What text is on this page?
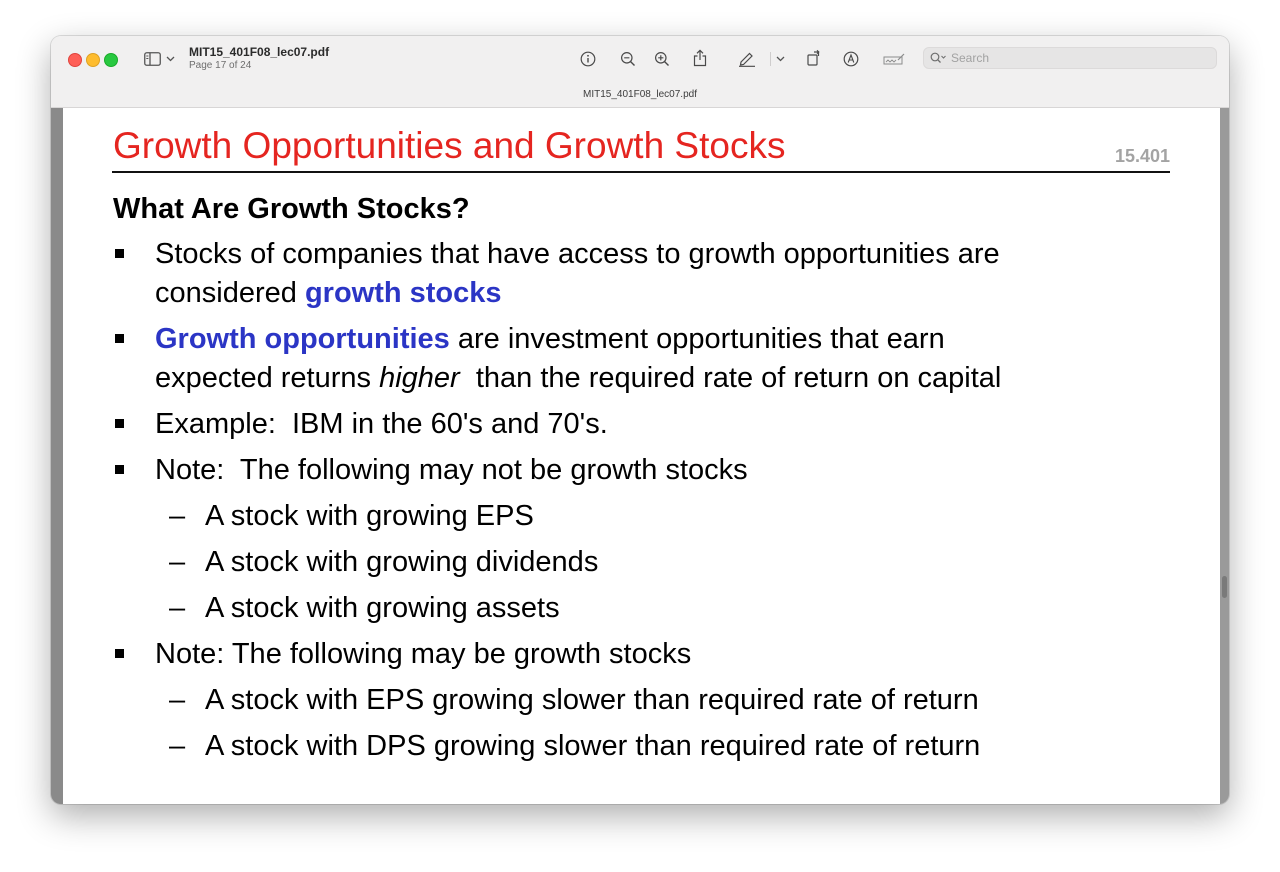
MIT15_401F08_lec07.pdf
Page 17 of 24
Search
MIT15_401F08_lec07.pdf
Growth Opportunities and Growth Stocks	15.401
What Are Growth Stocks?
Stocks of companies that have access to growth opportunities are
considered growth stocks
Growth opportunities are investment opportunities that earn
expected returns higher  than the required rate of return on capital
Example:  IBM in the 60's and 70's.
Note:  The following may not be growth stocks
– A stock with growing EPS
– A stock with growing dividends
– A stock with growing assets
Note: The following may be growth stocks
– A stock with EPS growing slower than required rate of return
– A stock with DPS growing slower than required rate of return
